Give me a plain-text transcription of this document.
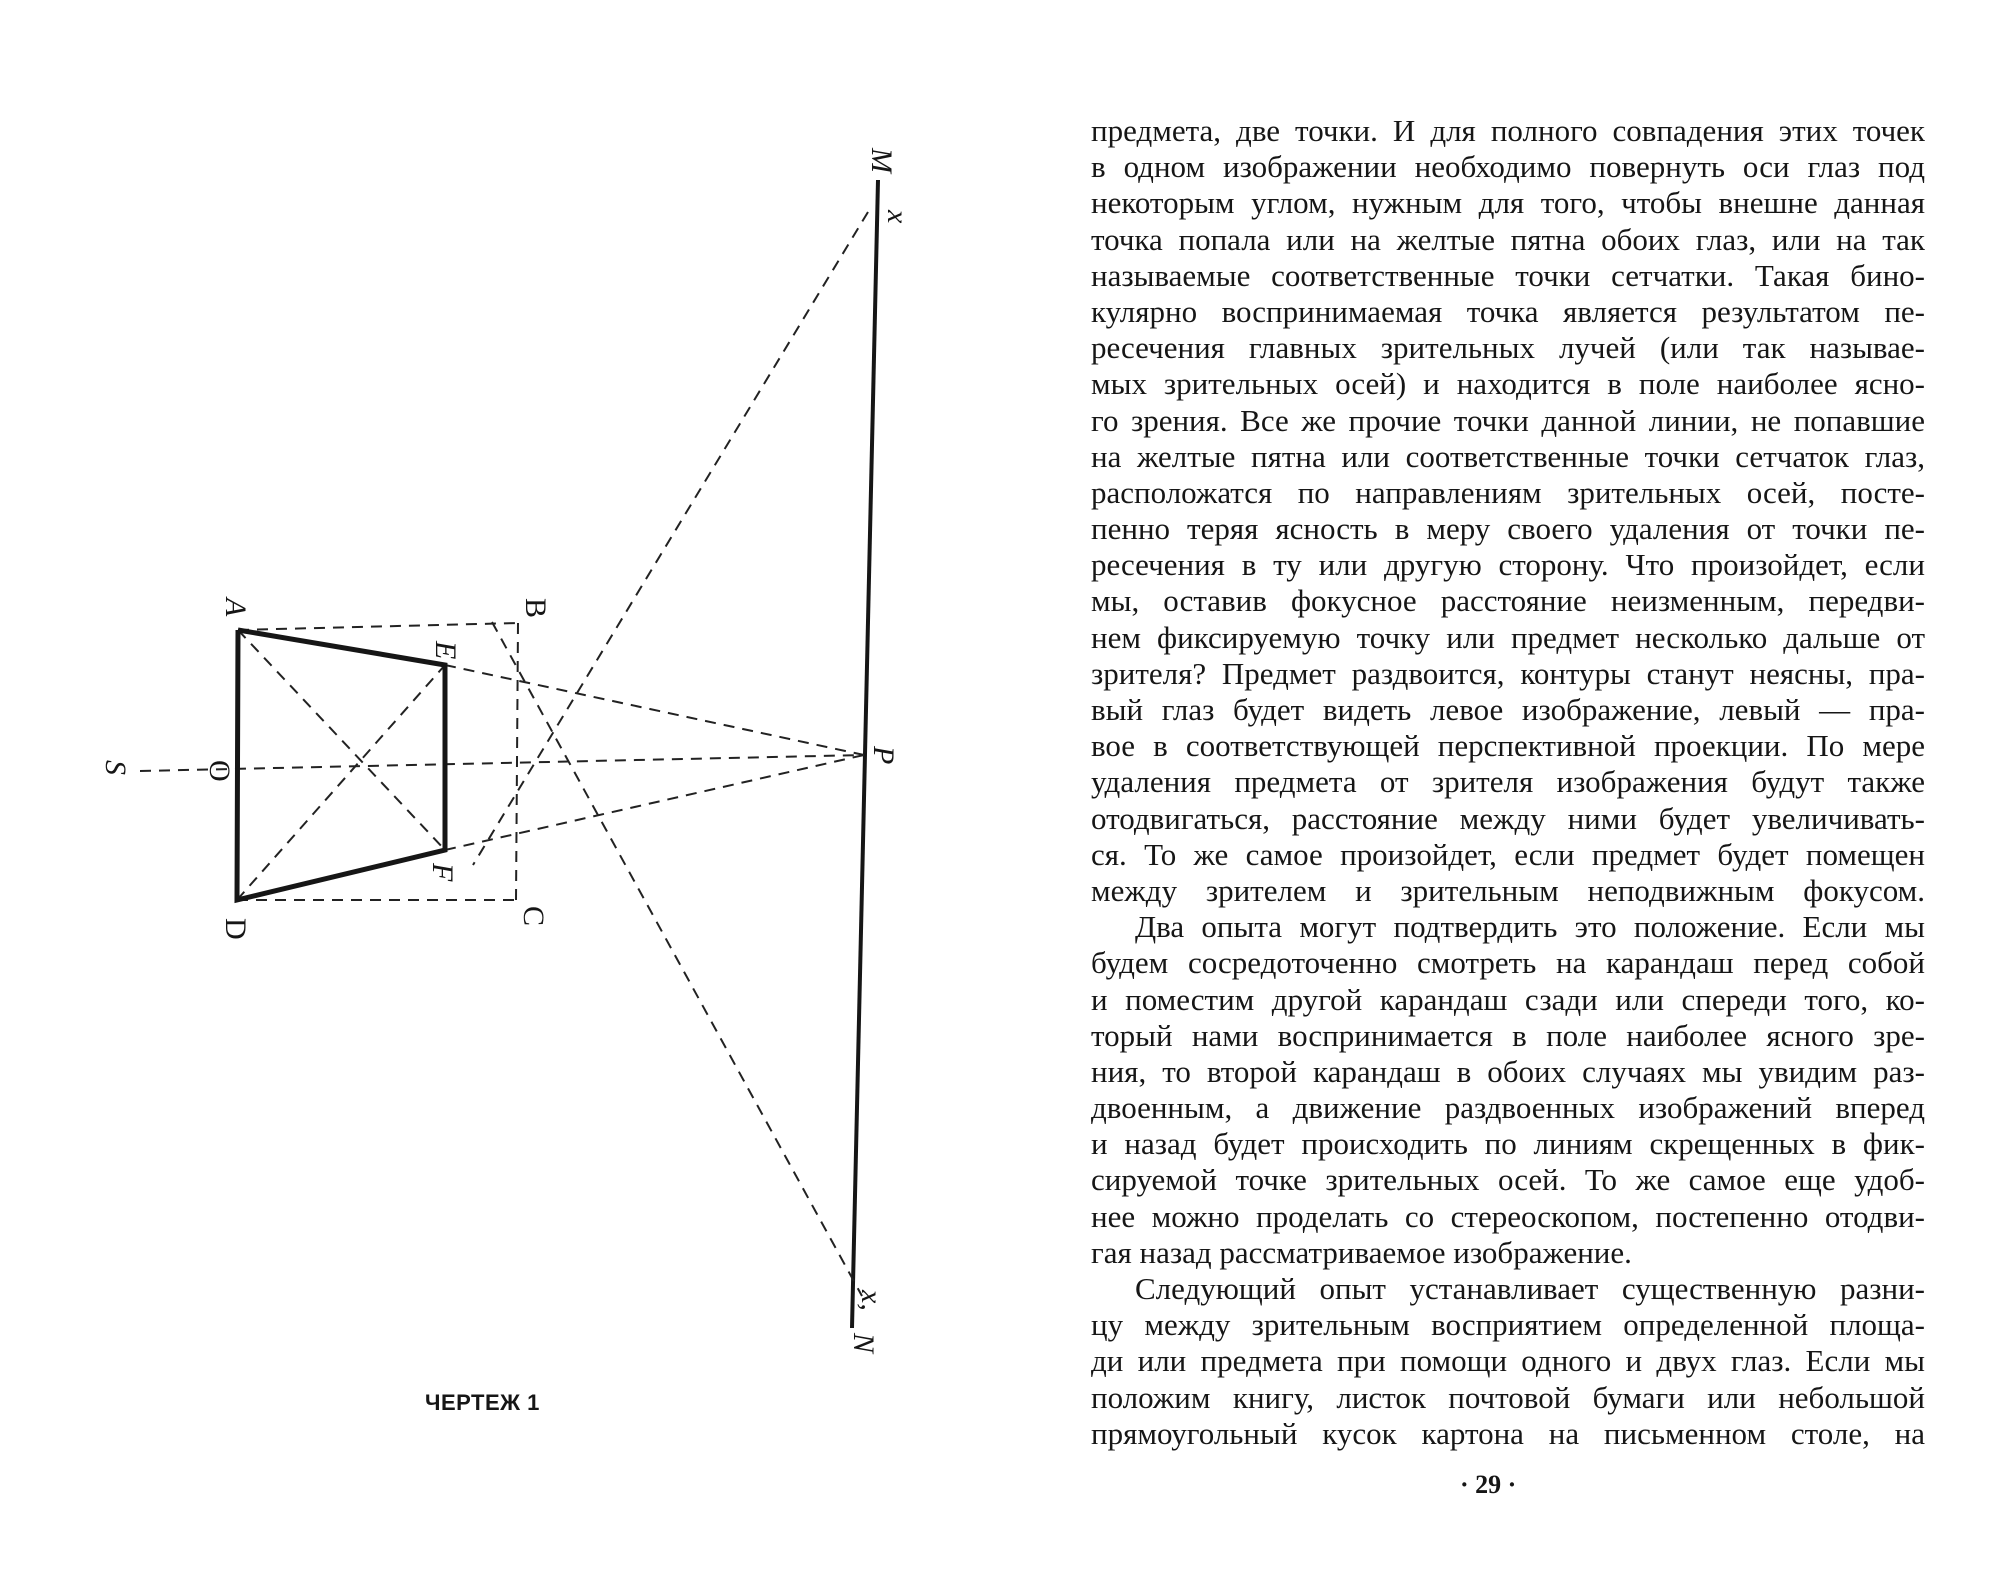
M
x
B
A
E
S O
P
F
D
C
x,
N
ЧЕРТЕЖ 1
предмета, две точки. И для полного совпадения этих точек
в одном изображении необходимо повернуть оси глаз под
некоторым углом, нужным для того, чтобы внешне данная
точка попала или на желтые пятна обоих глаз, или на так
называемые соответственные точки сетчатки. Такая бино-
кулярно воспринимаемая точка является результатом пе-
ресечения главных зрительных лучей (или так называе-
мых зрительных осей) и находится в поле наиболее ясно-
го зрения. Все же прочие точки данной линии, не попавшие
на желтые пятна или соответственные точки сетчаток глаз,
расположатся по направлениям зрительных осей, посте-
пенно теряя ясность в меру своего удаления от точки пе-
ресечения в ту или другую сторону. Что произойдет, если
мы, оставив фокусное расстояние неизменным, передви-
нем фиксируемую точку или предмет несколько дальше от
зрителя? Предмет раздвоится, контуры станут неясны, пра-
вый глаз будет видеть левое изображение, левый — пра-
вое в соответствующей перспективной проекции. По мере
удаления предмета от зрителя изображения будут также
отодвигаться, расстояние между ними будет увеличивать-
ся. То же самое произойдет, если предмет будет помещен
между зрителем и зрительным неподвижным фокусом.
Два опыта могут подтвердить это положение. Если мы
будем сосредоточенно смотреть на карандаш перед собой
и поместим другой карандаш сзади или спереди того, ко-
торый нами воспринимается в поле наиболее ясного зре-
ния, то второй карандаш в обоих случаях мы увидим раз-
двоенным, а движение раздвоенных изображений вперед
и назад будет происходить по линиям скрещенных в фик-
сируемой точке зрительных осей. То же самое еще удоб-
нее можно проделать со стереоскопом, постепенно отодви-
гая назад рассматриваемое изображение.
Следующий опыт устанавливает существенную разни-
цу между зрительным восприятием определенной площа-
ди или предмета при помощи одного и двух глаз. Если мы
положим книгу, листок почтовой бумаги или небольшой
прямоугольный кусок картона на письменном столе, на
· 29 ·
